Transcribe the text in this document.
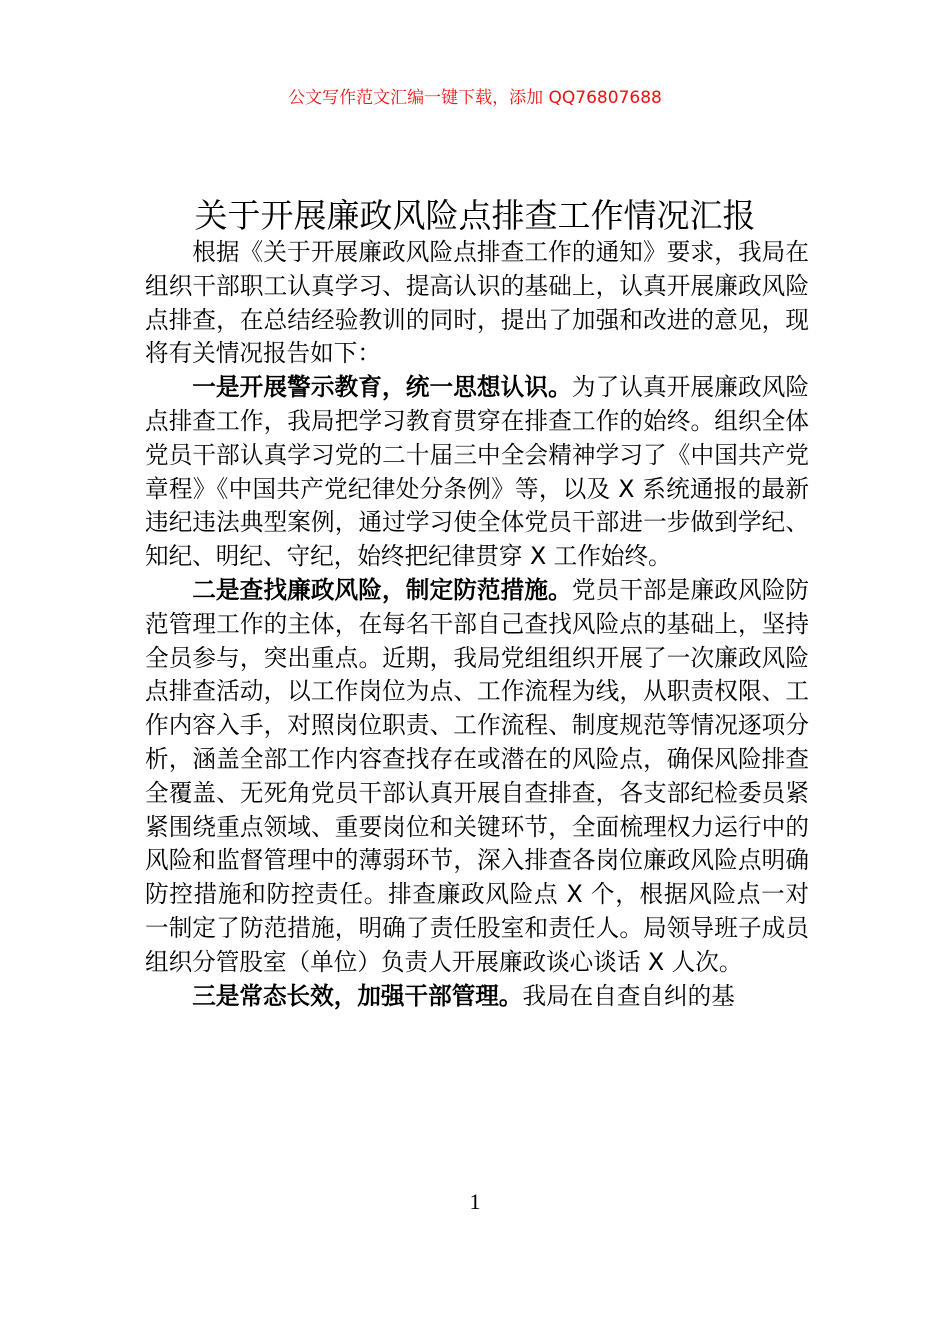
公文写作范文汇编一键下载，添加 QQ76807688
关于开展廉政风险点排查工作情况汇报

根据《关于开展廉政风险点排查工作的通知》要求，我局在组织干部职工认真学习、提高认识的基础上，认真开展廉政风险点排查，在总结经验教训的同时，提出了加强和改进的意见，现将有关情况报告如下：

一是开展警示教育，统一思想认识。为了认真开展廉政风险点排查工作，我局把学习教育贯穿在排查工作的始终。组织全体党员干部认真学习党的二十届三中全会精神学习了《中国共产党章程》《中国共产党纪律处分条例》等，以及 X 系统通报的最新违纪违法典型案例，通过学习使全体党员干部进一步做到学纪、知纪、明纪、守纪，始终把纪律贯穿 X 工作始终。

二是查找廉政风险，制定防范措施。党员干部是廉政风险防范管理工作的主体，在每名干部自己查找风险点的基础上，坚持全员参与，突出重点。近期，我局党组组织开展了一次廉政风险点排查活动，以工作岗位为点、工作流程为线，从职责权限、工作内容入手，对照岗位职责、工作流程、制度规范等情况逐项分析，涵盖全部工作内容查找存在或潜在的风险点，确保风险排查全覆盖、无死角党员干部认真开展自查排查，各支部纪检委员紧紧围绕重点领域、重要岗位和关键环节，全面梳理权力运行中的风险和监督管理中的薄弱环节，深入排查各岗位廉政风险点明确防控措施和防控责任。排查廉政风险点 X 个，根据风险点一对一制定了防范措施，明确了责任股室和责任人。局领导班子成员组织分管股室（单位）负责人开展廉政谈心谈话 X 人次。

三是常态长效，加强干部管理。我局在自查自纠的基

1
